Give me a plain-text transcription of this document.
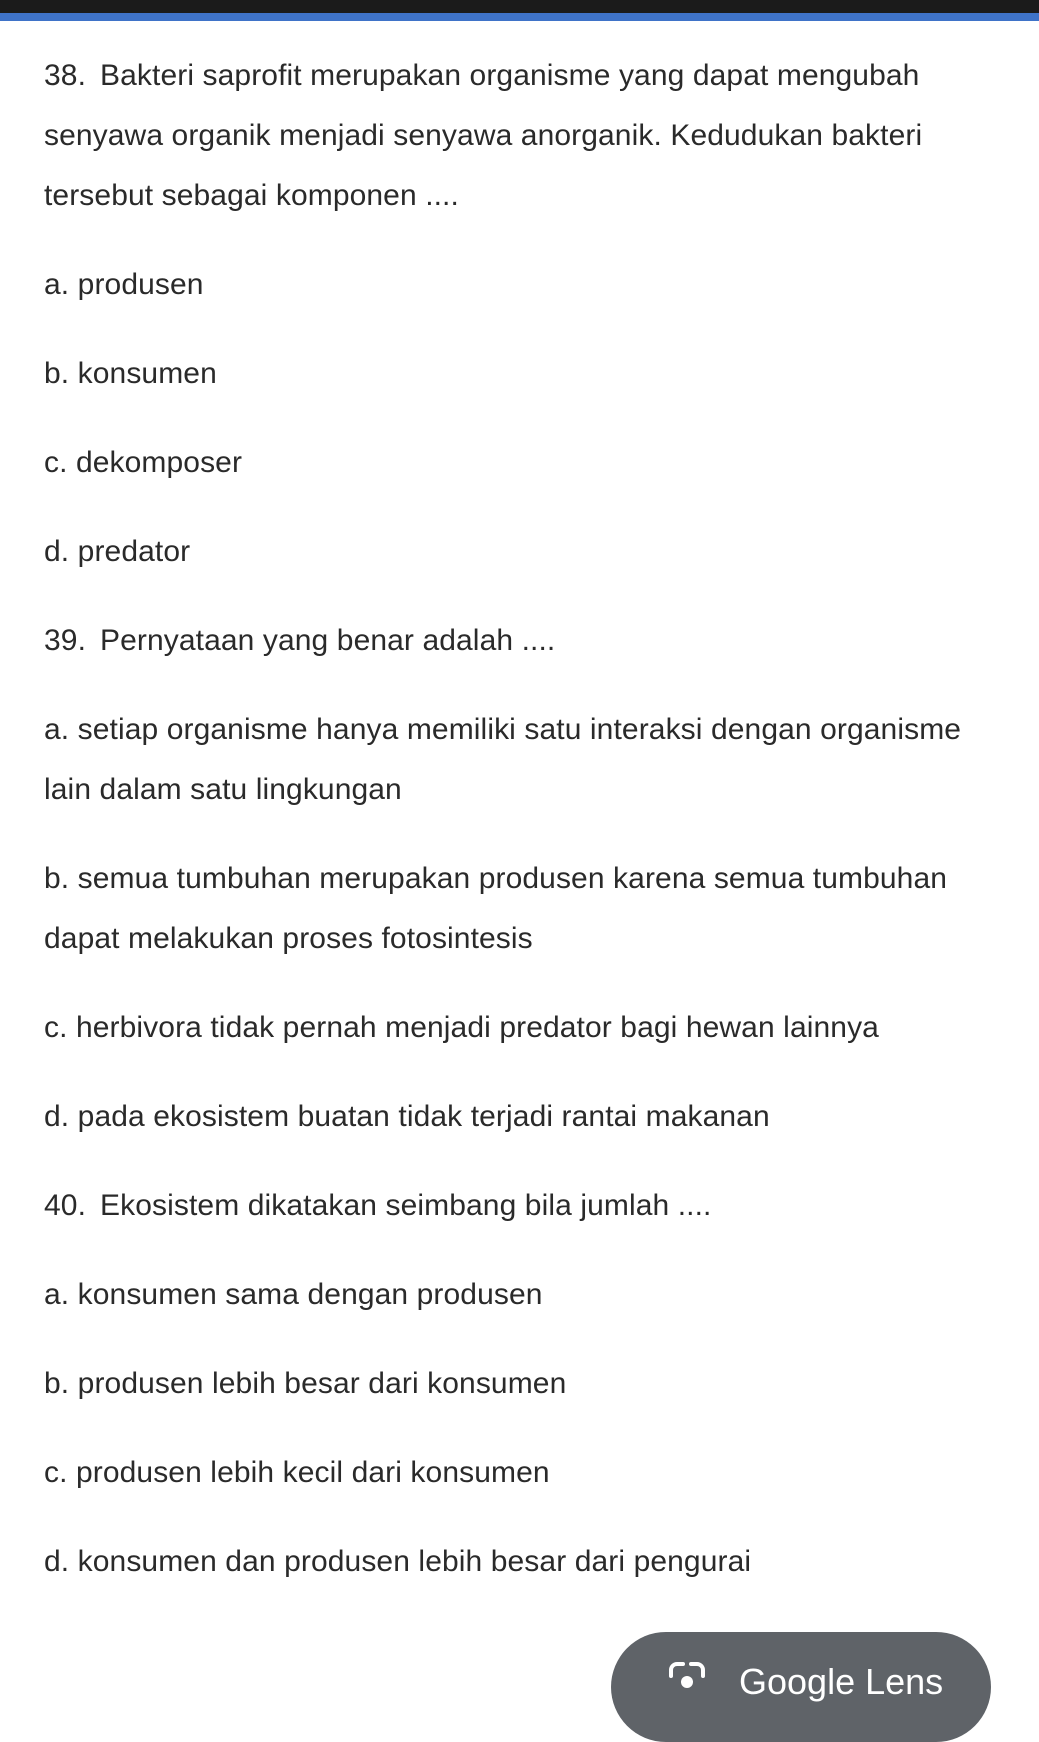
38. Bakteri saprofit merupakan organisme yang dapat mengubah
senyawa organik menjadi senyawa anorganik. Kedudukan bakteri
tersebut sebagai komponen ....
a. produsen
b. konsumen
c. dekomposer
d. predator
39. Pernyataan yang benar adalah ....
a. setiap organisme hanya memiliki satu interaksi dengan organisme
lain dalam satu lingkungan
b. semua tumbuhan merupakan produsen karena semua tumbuhan
dapat melakukan proses fotosintesis
c. herbivora tidak pernah menjadi predator bagi hewan lainnya
d. pada ekosistem buatan tidak terjadi rantai makanan
40. Ekosistem dikatakan seimbang bila jumlah ....
a. konsumen sama dengan produsen
b. produsen lebih besar dari konsumen
c. produsen lebih kecil dari konsumen
d. konsumen dan produsen lebih besar dari pengurai
Google Lens
